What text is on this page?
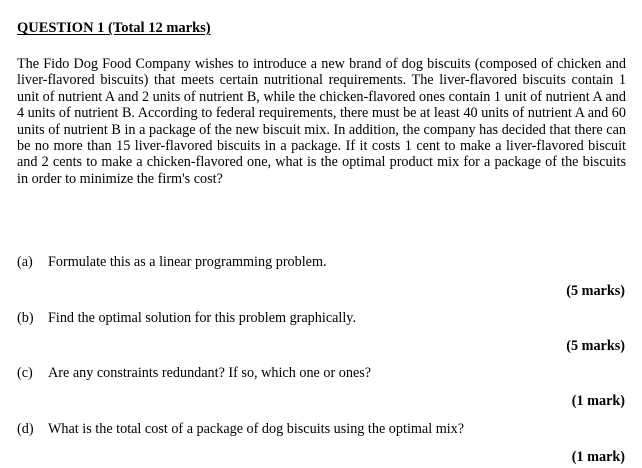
QUESTION 1 (Total 12 marks)

The Fido Dog Food Company wishes to introduce a new brand of dog biscuits (composed of chicken and liver-flavored biscuits) that meets certain nutritional requirements. The liver-flavored biscuits contain 1 unit of nutrient A and 2 units of nutrient B, while the chicken-flavored ones contain 1 unit of nutrient A and 4 units of nutrient B. According to federal requirements, there must be at least 40 units of nutrient A and 60 units of nutrient B in a package of the new biscuit mix. In addition, the company has decided that there can be no more than 15 liver-flavored biscuits in a package. If it costs 1 cent to make a liver-flavored biscuit and 2 cents to make a chicken-flavored one, what is the optimal product mix for a package of the biscuits in order to minimize the firm's cost?

(a) Formulate this as a linear programming problem.
(5 marks)
(b) Find the optimal solution for this problem graphically.
(5 marks)
(c) Are any constraints redundant? If so, which one or ones?
(1 mark)
(d) What is the total cost of a package of dog biscuits using the optimal mix?
(1 mark)
